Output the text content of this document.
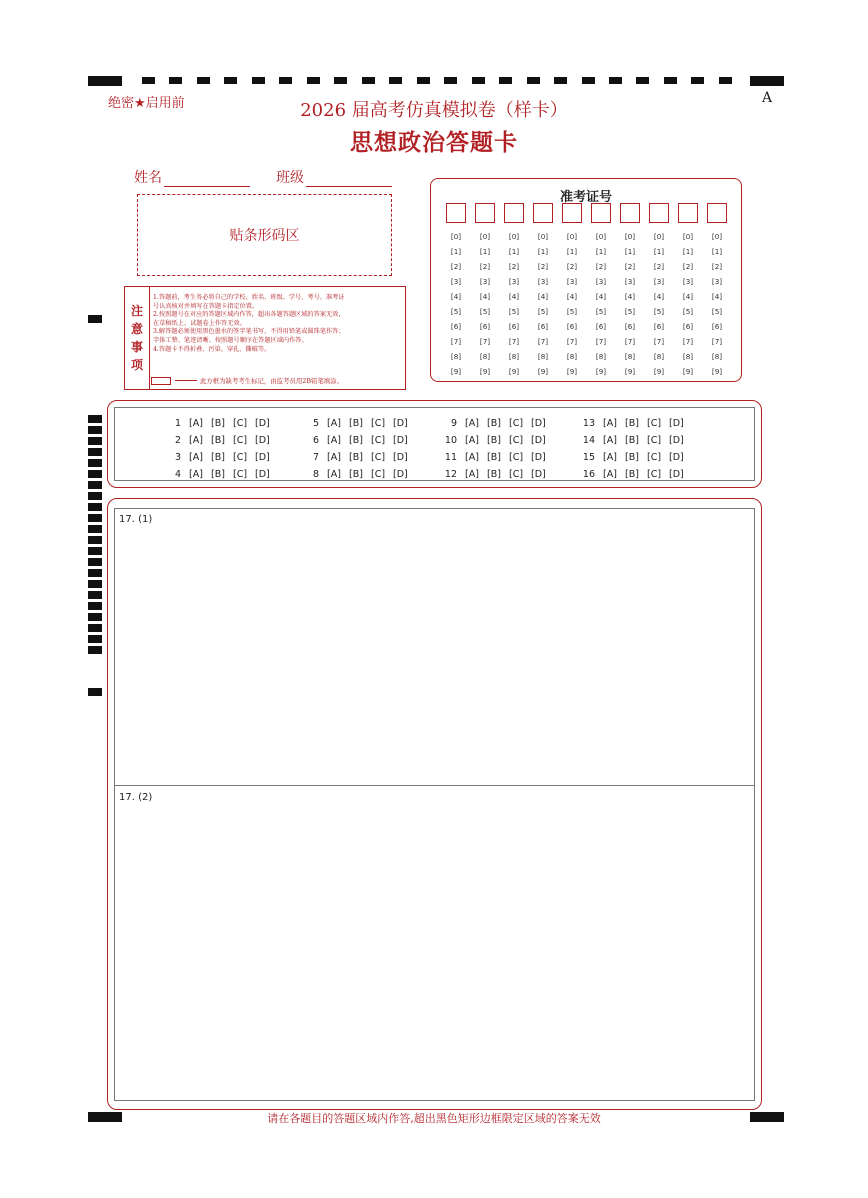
绝密★启用前	A
2026 届高考仿真模拟卷（样卡）
思想政治答题卡
姓名	班级
贴条形码区
注
意
事
项
1.答题前，考生务必将自己的学校、姓名、班级、学号、考号、准考证
号认真核对并填写在答题卡指定位置。
2.按照题号在对应的答题区域内作答，超出各题答题区域的答案无效，
在草稿纸上、试题卷上作答无效。
3.解答题必须使用黑色墨水的签字笔书写，不得用铅笔或圆珠笔作答；
字体工整、笔迹清晰。按照题号顺序在答题区域内作答。
4.答题卡不得折叠、污染、穿孔、撕破等。
此方框为缺考考生标记，由监考员用2B铅笔填涂。
准考证号
[0]
[1]
[2]
[3]
[4]
[5]
[6]
[7]
[8]
[9]
[0]
[1]
[2]
[3]
[4]
[5]
[6]
[7]
[8]
[9]
[0]
[1]
[2]
[3]
[4]
[5]
[6]
[7]
[8]
[9]
[0]
[1]
[2]
[3]
[4]
[5]
[6]
[7]
[8]
[9]
[0]
[1]
[2]
[3]
[4]
[5]
[6]
[7]
[8]
[9]
[0]
[1]
[2]
[3]
[4]
[5]
[6]
[7]
[8]
[9]
[0]
[1]
[2]
[3]
[4]
[5]
[6]
[7]
[8]
[9]
[0]
[1]
[2]
[3]
[4]
[5]
[6]
[7]
[8]
[9]
[0]
[1]
[2]
[3]
[4]
[5]
[6]
[7]
[8]
[9]
[0]
[1]
[2]
[3]
[4]
[5]
[6]
[7]
[8]
[9]
1 [A] [B] [C] [D]
2 [A] [B] [C] [D]
3 [A] [B] [C] [D]
4 [A] [B] [C] [D]
5 [A] [B] [C] [D]
6 [A] [B] [C] [D]
7 [A] [B] [C] [D]
8 [A] [B] [C] [D]
9 [A] [B] [C] [D]
10 [A] [B] [C] [D]
11 [A] [B] [C] [D]
12 [A] [B] [C] [D]
13 [A] [B] [C] [D]
14 [A] [B] [C] [D]
15 [A] [B] [C] [D]
16 [A] [B] [C] [D]
17. (1)
17. (2)
请在各题目的答题区域内作答,超出黑色矩形边框限定区域的答案无效
